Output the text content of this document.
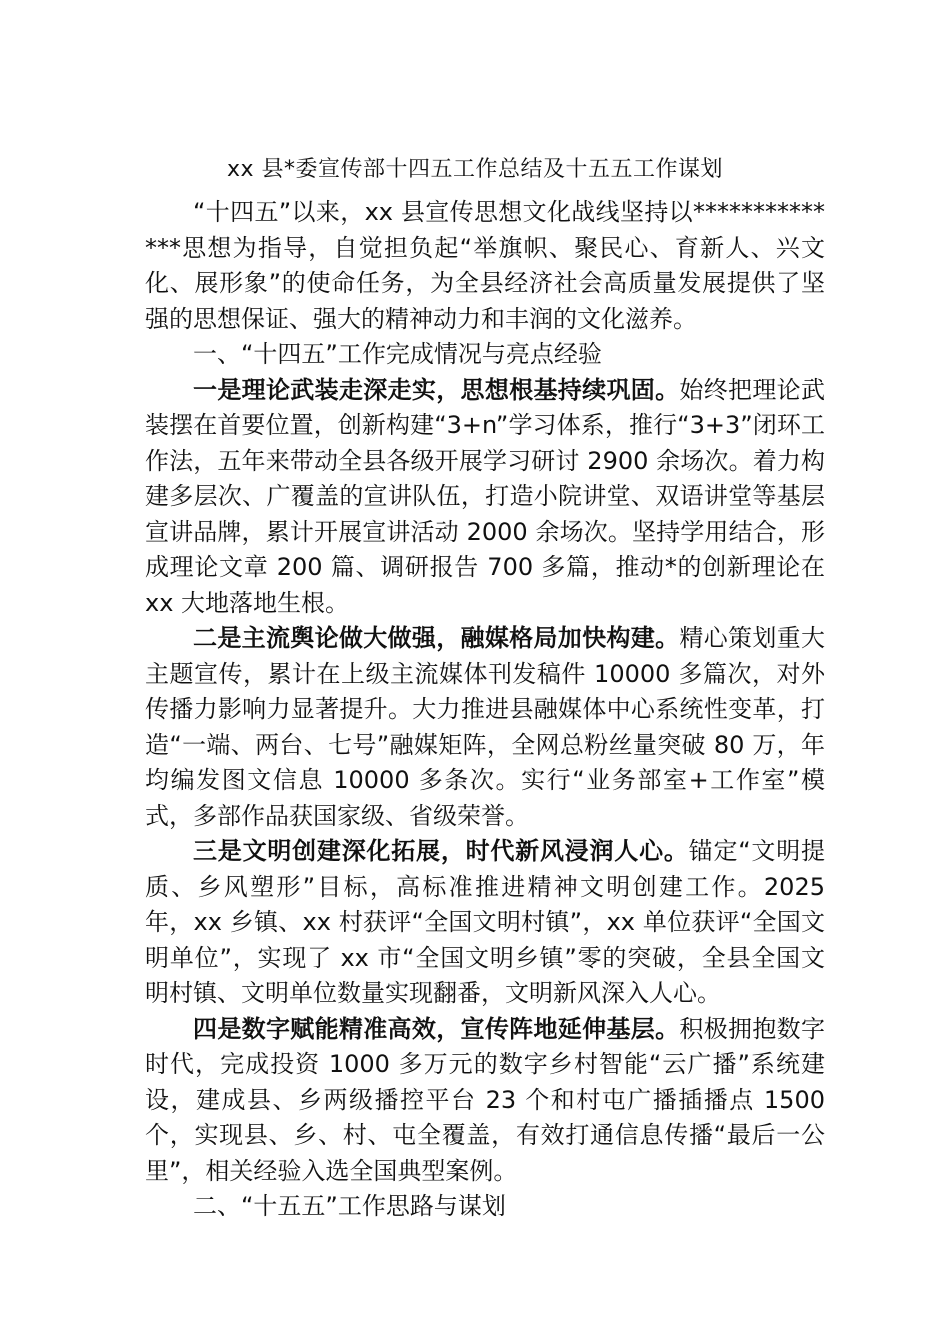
xx 县*委宣传部十四五工作总结及十五五工作谋划

“十四五”以来，xx 县宣传思想文化战线坚持以*********** ***思想为指导，自觉担负起“举旗帜、聚民心、育新人、兴文化、展形象”的使命任务，为全县经济社会高质量发展提供了坚强的思想保证、强大的精神动力和丰润的文化滋养。

一、“十四五”工作完成情况与亮点经验

一是理论武装走深走实，思想根基持续巩固。始终把理论武装摆在首要位置，创新构建“3+n”学习体系，推行“3+3”闭环工作法，五年来带动全县各级开展学习研讨 2900 余场次。着力构建多层次、广覆盖的宣讲队伍，打造小院讲堂、双语讲堂等基层宣讲品牌，累计开展宣讲活动 2000 余场次。坚持学用结合，形成理论文章 200 篇、调研报告 700 多篇，推动*的创新理论在 xx 大地落地生根。

二是主流舆论做大做强，融媒格局加快构建。精心策划重大主题宣传，累计在上级主流媒体刊发稿件 10000 多篇次，对外传播力影响力显著提升。大力推进县融媒体中心系统性变革，打造“一端、两台、七号”融媒矩阵，全网总粉丝量突破 80 万，年均编发图文信息 10000 多条次。实行“业务部室+工作室”模式，多部作品获国家级、省级荣誉。

三是文明创建深化拓展，时代新风浸润人心。锚定“文明提质、乡风塑形”目标，高标准推进精神文明创建工作。2025 年，xx 乡镇、xx 村获评“全国文明村镇”，xx 单位获评“全国文明单位”，实现了 xx 市“全国文明乡镇”零的突破，全县全国文明村镇、文明单位数量实现翻番，文明新风深入人心。

四是数字赋能精准高效，宣传阵地延伸基层。积极拥抱数字时代，完成投资 1000 多万元的数字乡村智能“云广播”系统建设，建成县、乡两级播控平台 23 个和村屯广播插播点 1500 个，实现县、乡、村、屯全覆盖，有效打通信息传播“最后一公里”，相关经验入选全国典型案例。

二、“十五五”工作思路与谋划
